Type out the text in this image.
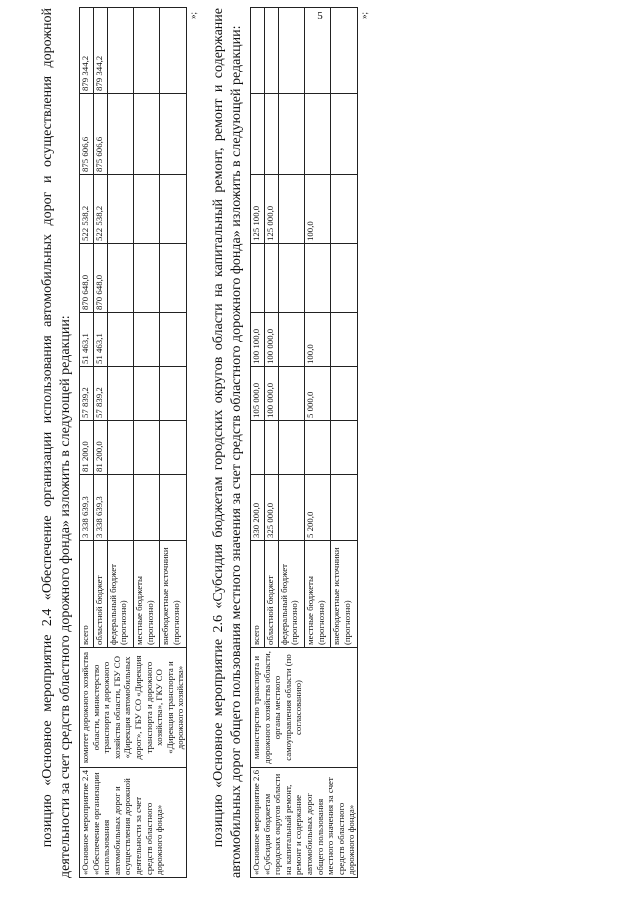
5

позицию «Основное мероприятие 2.4 «Обеспечение организации использования автомобильных дорог и осуществления дорожной деятельности за счет средств областного дорожного фонда» изложить в следующей редакции: «Основное мероприятие 2.4 «Обеспечение организации использования автомобильных дорог и осуществления дорожной деятельности за счет средств областного дорожного фонда»	комитет дорожного хозяйства области, министерство транспорта и дорожного хозяйства области, ГБУ СО «Дирекция автомобильных дорог», ГБУ СО «Дирекция транспорта и дорожного хозяйства», ГКУ СО «Дирекция транспорта и дорожного хозяйства»	всего	3 338 639,3	81 200,0	57 839,2	51 463,1	870 648,0	522 538,2	875 606,6	879 344,2
		областной бюджет	3 338 639,3	81 200,0	57 839,2	51 463,1	870 648,0	522 538,2	875 606,6	879 344,2
		федеральный бюджет (прогнозно)								
		местные бюджеты (прогнозно)								
		внебюджетные источники (прогнозно)								
»; позицию «Основное мероприятие 2.6 «Субсидия бюджетам городских округов области на капитальный ремонт, ремонт и содержание автомобильных дорог общего пользования местного значения за счет средств областного дорожного фонда» изложить в следующей редакции: «Основное мероприятие 2.6 «Субсидия бюджетам городских округов области на капитальный ремонт, ремонт и содержание автомобильных дорог общего пользования местного значения за счет средств областного дорожного фонда»	министерство транспорта и дорожного хозяйства области, органы местного самоуправления области (по согласованию)	всего	330 200,0		105 000,0	100 100,0		125 100,0		
		областной бюджет	325 000,0		100 000,0	100 000,0		125 000,0		
		федеральный бюджет (прогнозно)								
		местные бюджеты (прогнозно)	5 200,0		5 000,0	100,0		100,0		
		внебюджетные источники (прогнозно)								
»;
